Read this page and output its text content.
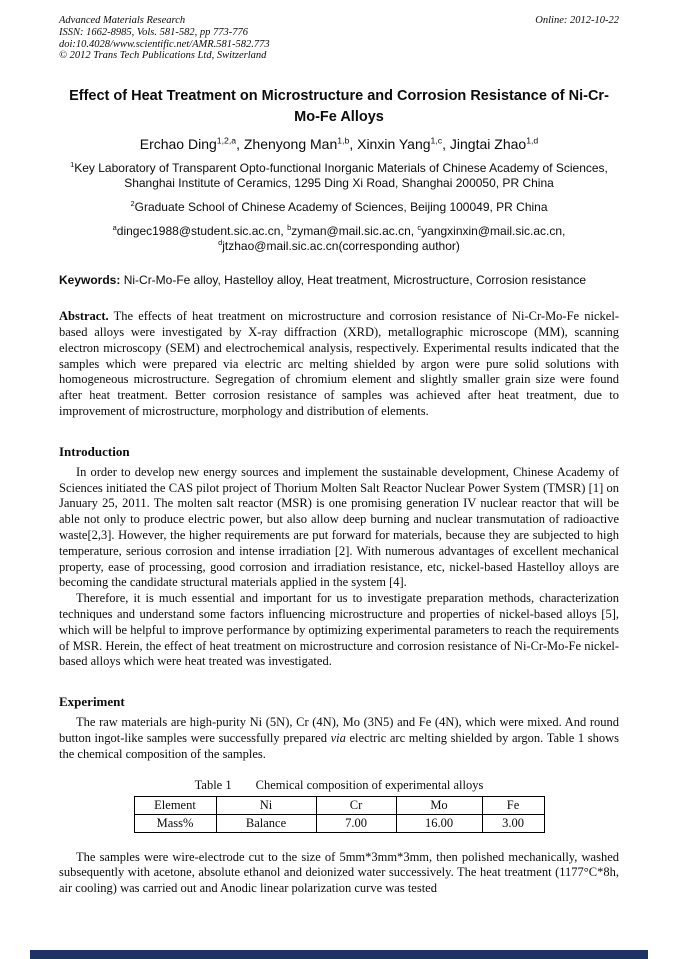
Advanced Materials Research	Online: 2012-10-22
ISSN: 1662-8985, Vols. 581-582, pp 773-776
doi:10.4028/www.scientific.net/AMR.581-582.773
© 2012 Trans Tech Publications Ltd, Switzerland
Effect of Heat Treatment on Microstructure and Corrosion Resistance of Ni-Cr-Mo-Fe Alloys

Erchao Ding$^{1,2,a}$, Zhenyong Man$^{1,b}$, Xinxin Yang$^{1,c}$, Jingtai Zhao$^{1,d}$

$^1$Key Laboratory of Transparent Opto-functional Inorganic Materials of Chinese Academy of Sciences, Shanghai Institute of Ceramics, 1295 Ding Xi Road, Shanghai 200050, PR China

$^2$Graduate School of Chinese Academy of Sciences, Beijing 100049, PR China

$^a$dingec1988@student.sic.ac.cn, $^b$zyman@mail.sic.ac.cn, $^c$yangxinxin@mail.sic.ac.cn, $^d$jtzhao@mail.sic.ac.cn(corresponding author)

Keywords: Ni-Cr-Mo-Fe alloy, Hastelloy alloy, Heat treatment, Microstructure, Corrosion resistance

Abstract. The effects of heat treatment on microstructure and corrosion resistance of Ni-Cr-Mo-Fe nickel-based alloys were investigated by X-ray diffraction (XRD), metallographic microscope (MM), scanning electron microscopy (SEM) and electrochemical analysis, respectively. Experimental results indicated that the samples which were prepared via electric arc melting shielded by argon were pure solid solutions with homogeneous microstructure. Segregation of chromium element and slightly smaller grain size were found after heat treatment. Better corrosion resistance of samples was achieved after heat treatment, due to improvement of microstructure, morphology and distribution of elements.

Introduction

In order to develop new energy sources and implement the sustainable development, Chinese Academy of Sciences initiated the CAS pilot project of Thorium Molten Salt Reactor Nuclear Power System (TMSR) [1] on January 25, 2011. The molten salt reactor (MSR) is one promising generation IV nuclear reactor that will be able not only to produce electric power, but also allow deep burning and nuclear transmutation of radioactive waste[2,3]. However, the higher requirements are put forward for materials, because they are subjected to high temperature, serious corrosion and intense irradiation [2]. With numerous advantages of excellent mechanical property, ease of processing, good corrosion and irradiation resistance, etc, nickel-based Hastelloy alloys are becoming the candidate structural materials applied in the system [4].

Therefore, it is much essential and important for us to investigate preparation methods, characterization techniques and understand some factors influencing microstructure and properties of nickel-based alloys [5], which will be helpful to improve performance by optimizing experimental parameters to reach the requirements of MSR. Herein, the effect of heat treatment on microstructure and corrosion resistance of Ni-Cr-Mo-Fe nickel-based alloys which were heat treated was investigated.

Experiment

The raw materials are high-purity Ni (5N), Cr (4N), Mo (3N5) and Fe (4N), which were mixed. And round button ingot-like samples were successfully prepared via electric arc melting shielded by argon. Table 1 shows the chemical composition of the samples.

Table 1 Chemical composition of experimental alloys
Element	Ni	Cr	Mo	Fe
Mass%	Balance	7.00	16.00	3.00

The samples were wire-electrode cut to the size of 5mm*3mm*3mm, then polished mechanically, washed subsequently with acetone, absolute ethanol and deionized water successively. The heat treatment (1177°C*8h, air cooling) was carried out and Anodic linear polarization curve was tested
